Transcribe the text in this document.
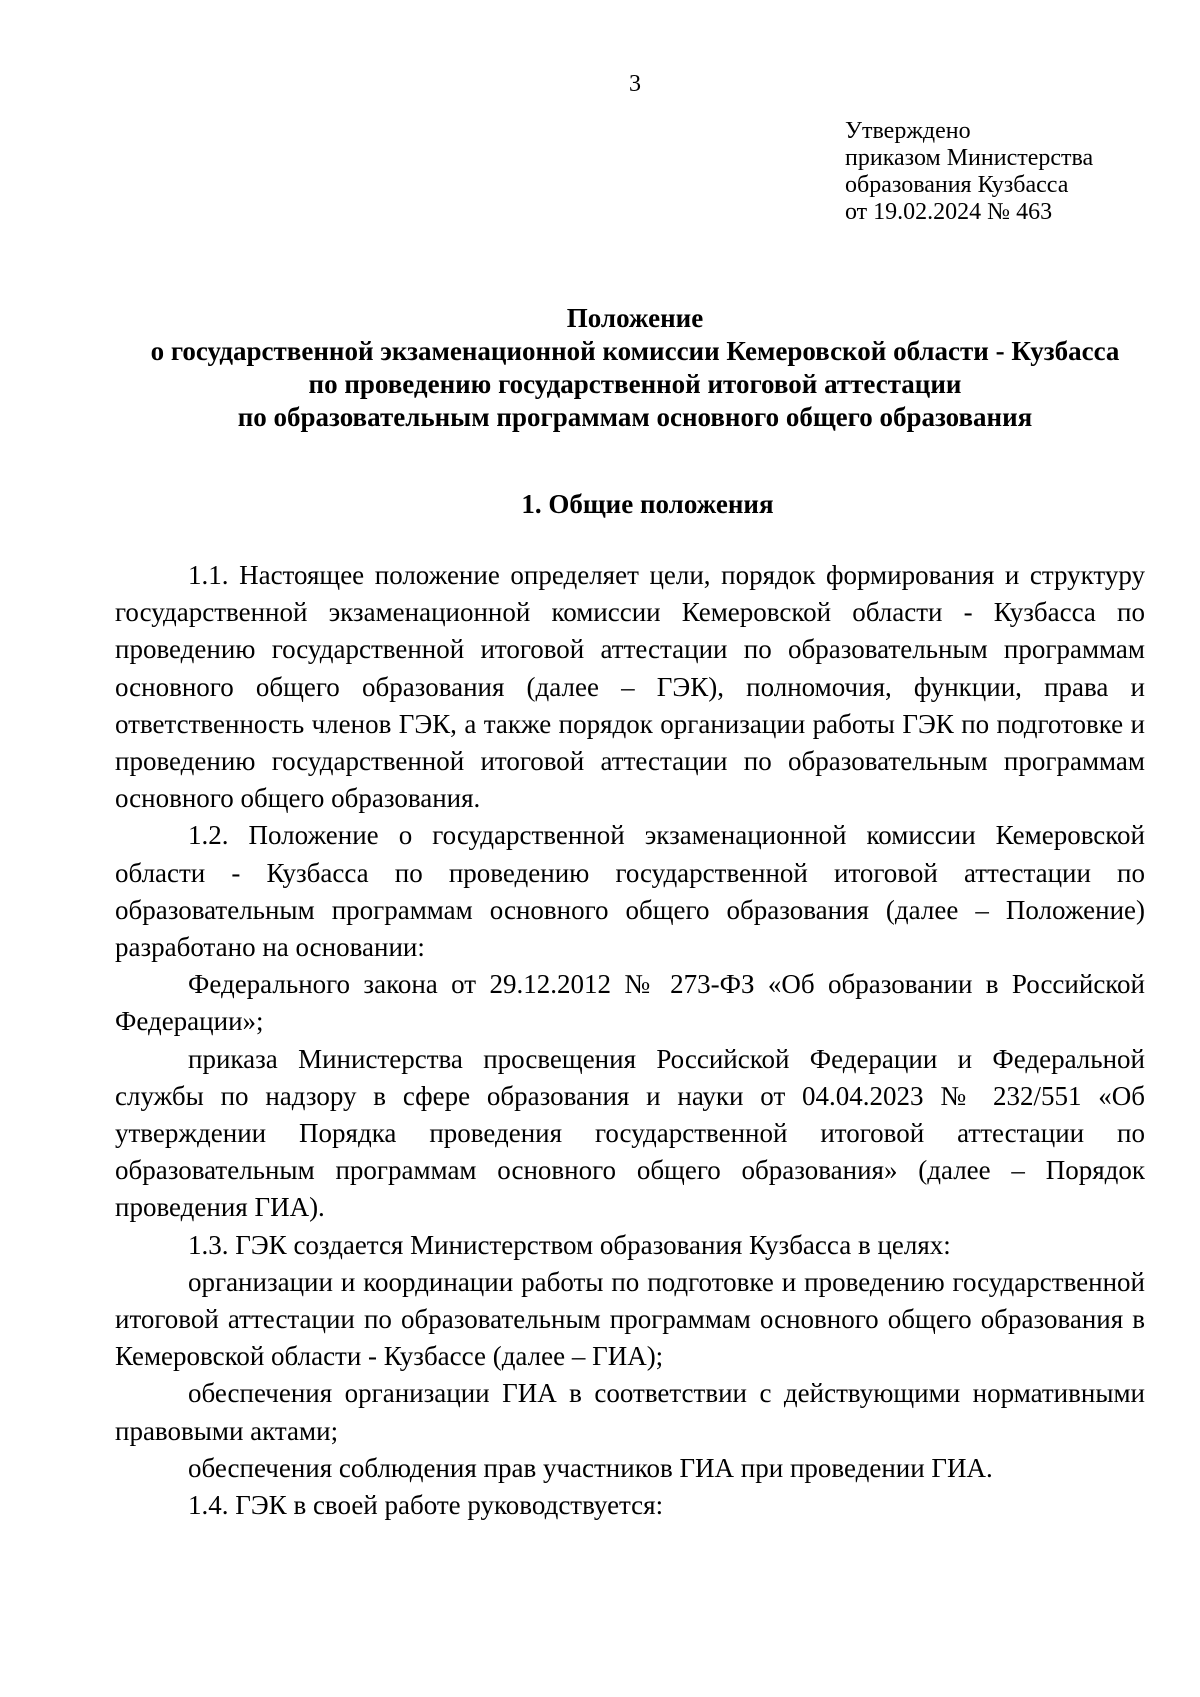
3
Утверждено
приказом Министерства
образования Кузбасса
от 19.02.2024 № 463
Положение
о государственной экзаменационной комиссии Кемеровской области - Кузбасса
по проведению государственной итоговой аттестации
по образовательным программам основного общего образования
1. Общие положения

1.1. Настоящее положение определяет цели, порядок формирования и структуру государственной экзаменационной комиссии Кемеровской области - Кузбасса по проведению государственной итоговой аттестации по образовательным программам основного общего образования (далее – ГЭК), полномочия, функции, права и ответственность членов ГЭК, а также порядок организации работы ГЭК по подготовке и проведению государственной итоговой аттестации по образовательным программам основного общего образования.

1.2. Положение о государственной экзаменационной комиссии Кемеровской области - Кузбасса по проведению государственной итоговой аттестации по образовательным программам основного общего образования (далее – Положение) разработано на основании:

Федерального закона от 29.12.2012 № 273-ФЗ «Об образовании в Российской Федерации»;

приказа Министерства просвещения Российской Федерации и Федеральной службы по надзору в сфере образования и науки от 04.04.2023 № 232/551 «Об утверждении Порядка проведения государственной итоговой аттестации по образовательным программам основного общего образования» (далее – Порядок проведения ГИА).

1.3. ГЭК создается Министерством образования Кузбасса в целях:

организации и координации работы по подготовке и проведению государственной итоговой аттестации по образовательным программам основного общего образования в Кемеровской области - Кузбассе (далее – ГИА);

обеспечения организации ГИА в соответствии с действующими нормативными правовыми актами;

обеспечения соблюдения прав участников ГИА при проведении ГИА.

1.4. ГЭК в своей работе руководствуется:
